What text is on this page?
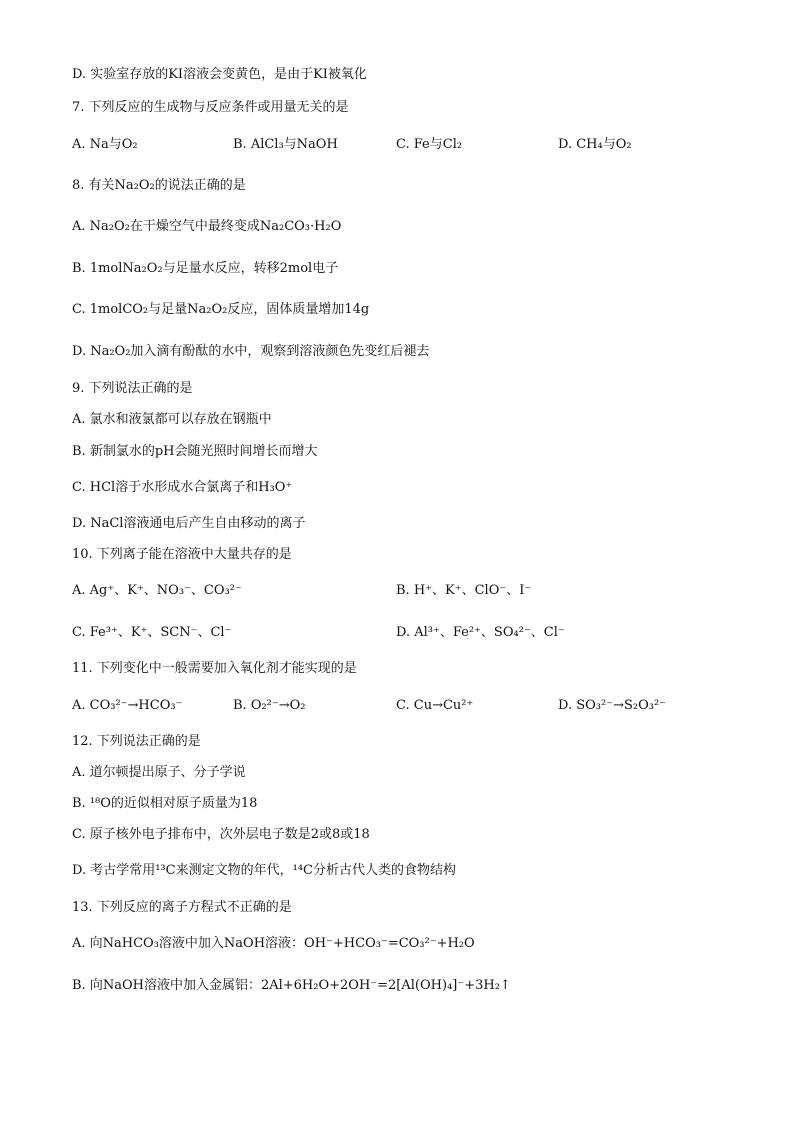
D. 实验室存放的KI溶液会变黄色，是由于KI被氧化
7. 下列反应的生成物与反应条件或用量无关的是
A. Na与O₂	B. AlCl₃与NaOH	C. Fe与Cl₂	D. CH₄与O₂
8. 有关Na₂O₂的说法正确的是
A. Na₂O₂在干燥空气中最终变成Na₂CO₃·H₂O
B. 1molNa₂O₂与足量水反应，转移2mol电子
C. 1molCO₂与足量Na₂O₂反应，固体质量增加14g
D. Na₂O₂加入滴有酚酞的水中，观察到溶液颜色先变红后褪去
9. 下列说法正确的是
A. 氯水和液氯都可以存放在钢瓶中
B. 新制氯水的pH会随光照时间增长而增大
C. HCl溶于水形成水合氯离子和H₃O⁺
D. NaCl溶液通电后产生自由移动的离子
10. 下列离子能在溶液中大量共存的是
A. Ag⁺、K⁺、NO₃⁻、CO₃²⁻	B. H⁺、K⁺、ClO⁻、I⁻
C. Fe³⁺、K⁺、SCN⁻、Cl⁻	D. Al³⁺、Fe²⁺、SO₄²⁻、Cl⁻
11. 下列变化中一般需要加入氧化剂才能实现的是
A. CO₃²⁻→HCO₃⁻	B. O₂²⁻→O₂	C. Cu→Cu²⁺	D. SO₃²⁻→S₂O₃²⁻
12. 下列说法正确的是
A. 道尔顿提出原子、分子学说
B. ¹⁸O的近似相对原子质量为18
C. 原子核外电子排布中，次外层电子数是2或8或18
D. 考古学常用¹³C来测定文物的年代，¹⁴C分析古代人类的食物结构
13. 下列反应的离子方程式不正确的是
A. 向NaHCO₃溶液中加入NaOH溶液：OH⁻+HCO₃⁻=CO₃²⁻+H₂O
B. 向NaOH溶液中加入金属铝：2Al+6H₂O+2OH⁻=2[Al(OH)₄]⁻+3H₂↑
